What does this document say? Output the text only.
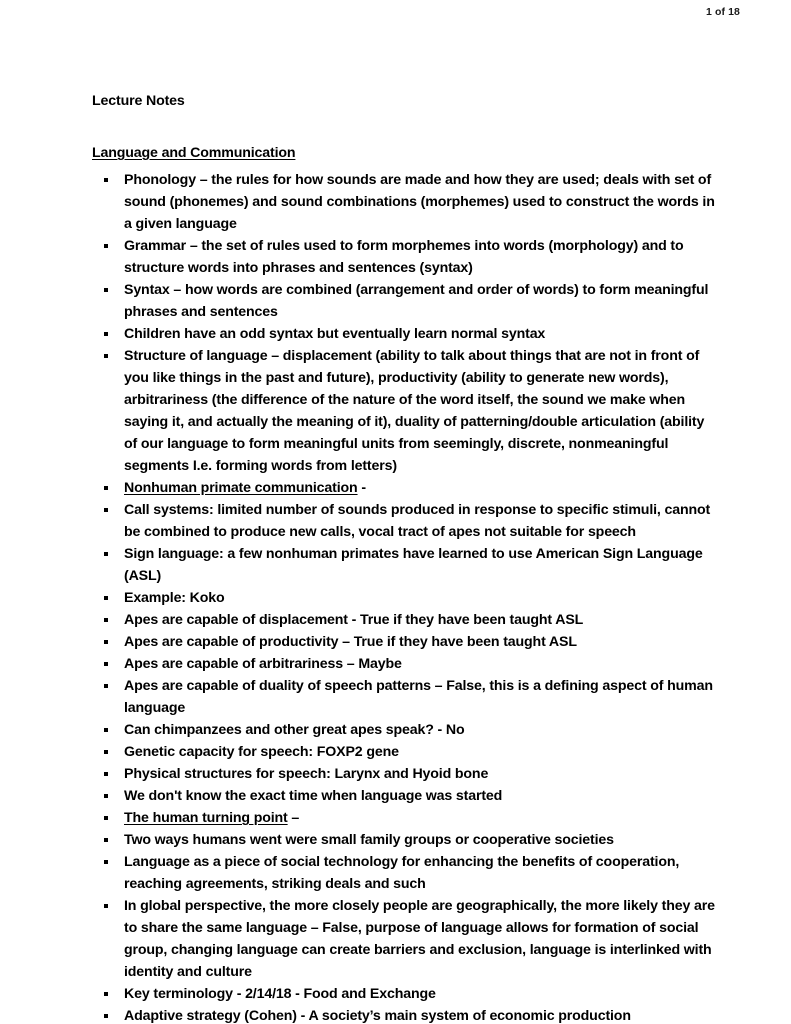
1 of 18
Lecture Notes
Language and Communication
Phonology – the rules for how sounds are made and how they are used; deals with set of sound (phonemes) and sound combinations (morphemes) used to construct the words in a given language
Grammar – the set of rules used to form morphemes into words (morphology) and to structure words into phrases and sentences (syntax)
Syntax – how words are combined (arrangement and order of words) to form meaningful phrases and sentences
Children have an odd syntax but eventually learn normal syntax
Structure of language – displacement (ability to talk about things that are not in front of you like things in the past and future), productivity (ability to generate new words), arbitrariness (the difference of the nature of the word itself, the sound we make when saying it, and actually the meaning of it), duality of patterning/double articulation (ability of our language to form meaningful units from seemingly, discrete, nonmeaningful segments I.e. forming words from letters)
Nonhuman primate communication -
Call systems: limited number of sounds produced in response to specific stimuli, cannot be combined to produce new calls, vocal tract of apes not suitable for speech
Sign language: a few nonhuman primates have learned to use American Sign Language (ASL)
Example: Koko
Apes are capable of displacement - True if they have been taught ASL
Apes are capable of productivity – True if they have been taught ASL
Apes are capable of arbitrariness – Maybe
Apes are capable of duality of speech patterns – False, this is a defining aspect of human language
Can chimpanzees and other great apes speak? - No
Genetic capacity for speech: FOXP2 gene
Physical structures for speech: Larynx and Hyoid bone
We don't know the exact time when language was started
The human turning point –
Two ways humans went were small family groups or cooperative societies
Language as a piece of social technology for enhancing the benefits of cooperation, reaching agreements, striking deals and such
In global perspective, the more closely people are geographically, the more likely they are to share the same language – False, purpose of language allows for formation of social group, changing language can create barriers and exclusion, language is interlinked with identity and culture
Key terminology - 2/14/18 - Food and Exchange
Adaptive strategy (Cohen) - A society’s main system of economic production
